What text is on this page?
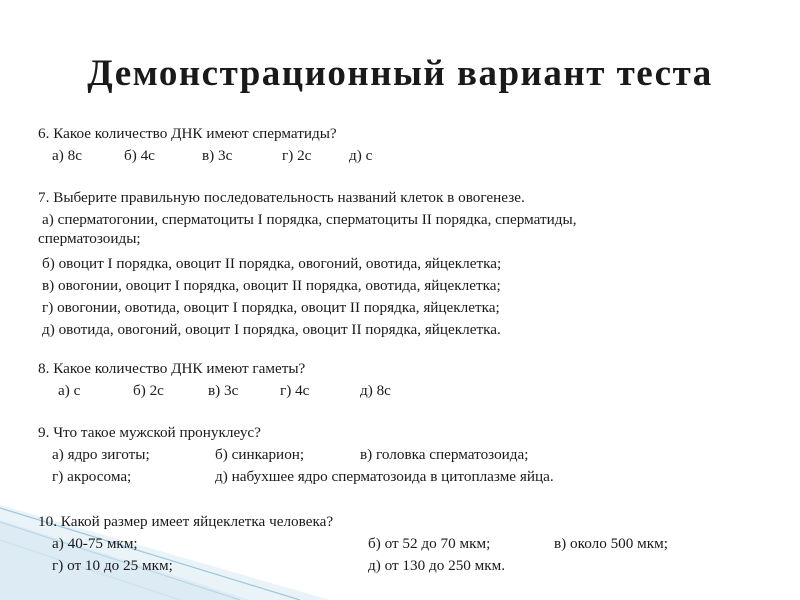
Демонстрационный вариант теста
6. Какое количество ДНК имеют сперматиды?
а) 8с	б) 4с	в) 3с	г) 2с д) с
7. Выберите правильную последовательность названий клеток в овогенезе.
а) сперматогонии, сперматоциты I порядка, сперматоциты II порядка, сперматиды,
сперматозоиды;
б) овоцит I порядка, овоцит II порядка, овогоний, овотида, яйцеклетка;
в) овогонии, овоцит I порядка, овоцит II порядка, овотида, яйцеклетка;
г) овогонии, овотида, овоцит I порядка, овоцит II порядка, яйцеклетка;
д) овотида, овогоний, овоцит I порядка, овоцит II порядка, яйцеклетка.
8. Какое количество ДНК имеют гаметы?
а) с	б) 2с	в) 3с	г) 4с	д) 8с
9. Что такое мужской пронуклеус?
а) ядро зиготы;	б) синкарион;	в) головка сперматозоида;
г) акросома;	д) набухшее ядро сперматозоида в цитоплазме яйца.
10. Какой размер имеет яйцеклетка человека?
а) 40-75 мкм;	б) от 52 до 70 мкм;	в) около 500 мкм;
г) от 10 до 25 мкм;	д) от 130 до 250 мкм.
